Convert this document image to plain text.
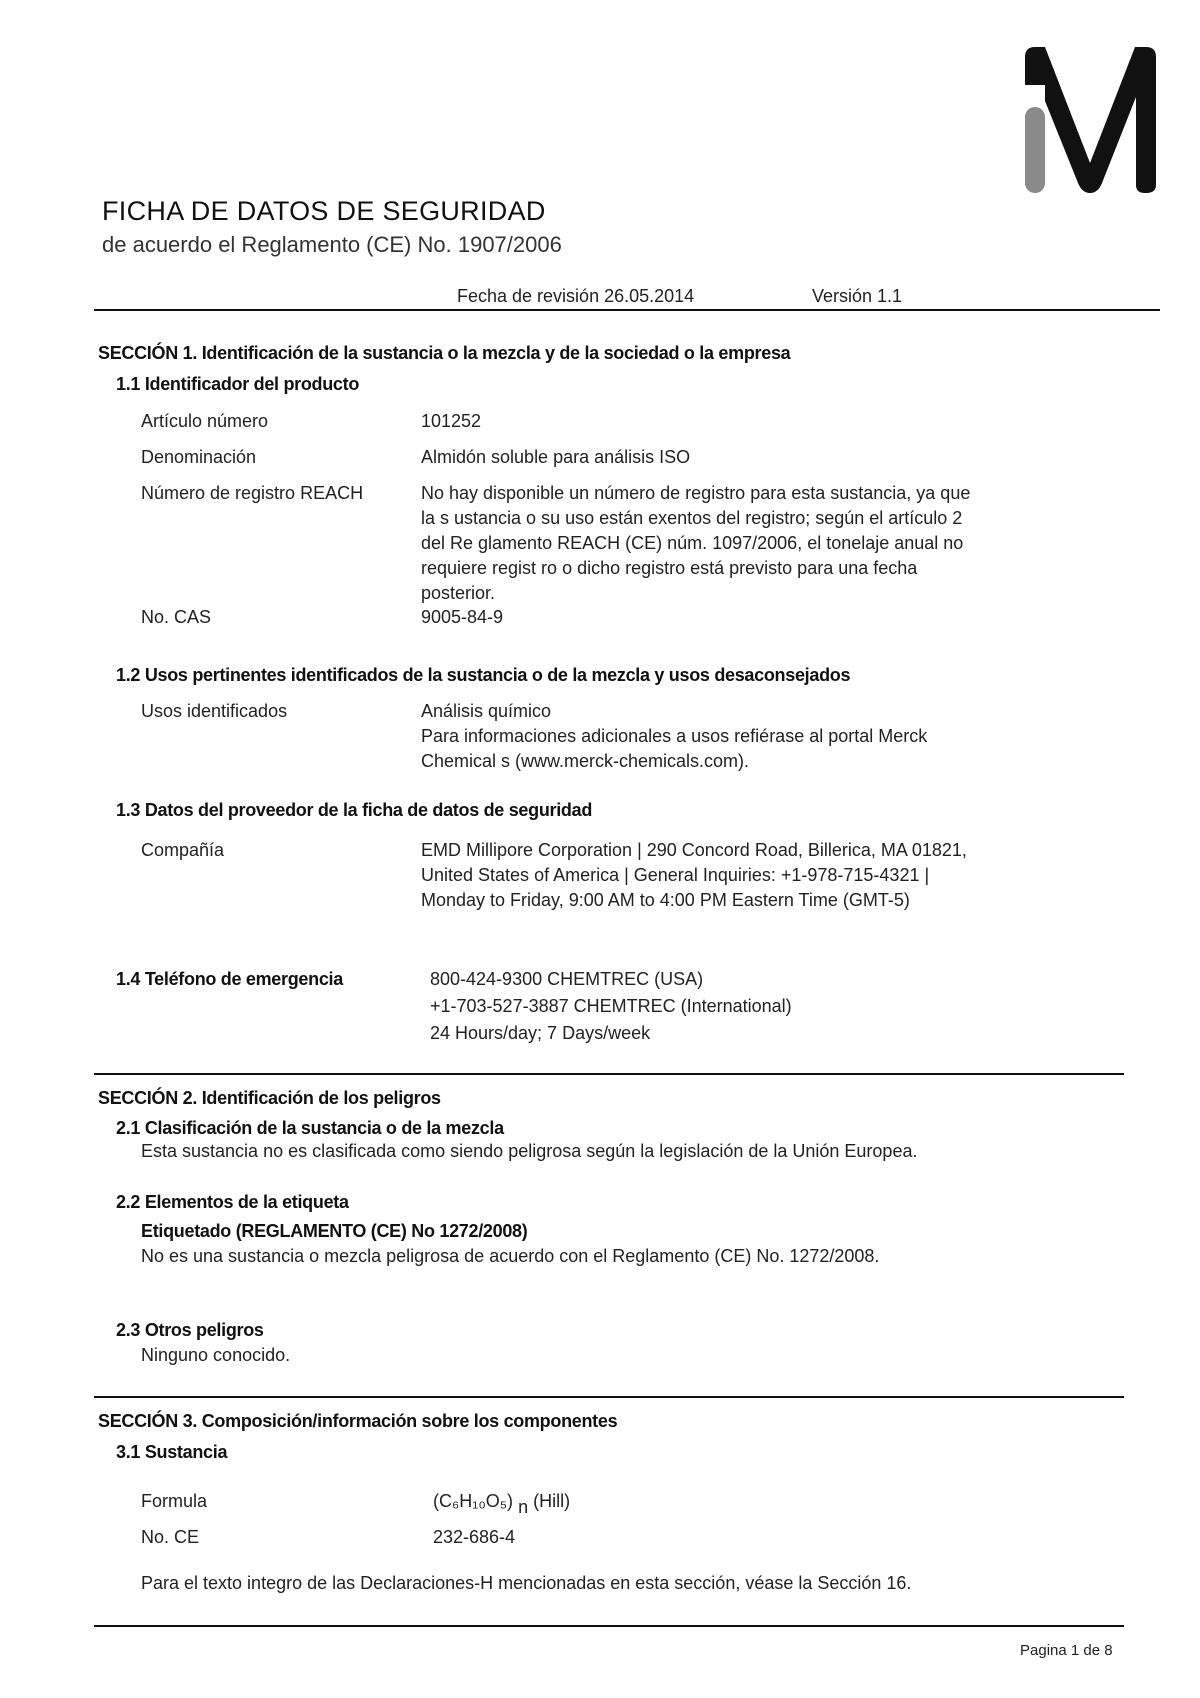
FICHA DE DATOS DE SEGURIDAD
de acuerdo el Reglamento (CE) No. 1907/2006
Fecha de revisión 26.05.2014	Versión 1.1
SECCIÓN 1. Identificación de la sustancia o la mezcla y de la sociedad o la empresa
1.1 Identificador del producto
Artículo número	101252
Denominación	Almidón soluble para análisis ISO
Número de registro REACH	No hay disponible un número de registro para esta sustancia, ya que
la s ustancia o su uso están exentos del registro; según el artículo 2
del Re glamento REACH (CE) núm. 1097/2006, el tonelaje anual no
requiere regist ro o dicho registro está previsto para una fecha
posterior.
No. CAS	9005-84-9
1.2 Usos pertinentes identificados de la sustancia o de la mezcla y usos desaconsejados
Usos identificados	Análisis químico
Para informaciones adicionales a usos refiérase al portal Merck
Chemical s (www.merck-chemicals.com).
1.3 Datos del proveedor de la ficha de datos de seguridad
Compañía	EMD Millipore Corporation | 290 Concord Road, Billerica, MA 01821,
United States of America | General Inquiries: +1-978-715-4321 |
Monday to Friday, 9:00 AM to 4:00 PM Eastern Time (GMT-5)
1.4 Teléfono de emergencia	800-424-9300 CHEMTREC (USA)
+1-703-527-3887 CHEMTREC (International)
24 Hours/day; 7 Days/week
SECCIÓN 2. Identificación de los peligros
2.1 Clasificación de la sustancia o de la mezcla
Esta sustancia no es clasificada como siendo peligrosa según la legislación de la Unión Europea.
2.2 Elementos de la etiqueta
Etiquetado (REGLAMENTO (CE) No 1272/2008)
No es una sustancia o mezcla peligrosa de acuerdo con el Reglamento (CE) No. 1272/2008.
2.3 Otros peligros
Ninguno conocido.
SECCIÓN 3. Composición/información sobre los componentes
3.1 Sustancia
Formula	(C₆H₁₀O₅) n (Hill)
No. CE	232-686-4
Para el texto integro de las Declaraciones-H mencionadas en esta sección, véase la Sección 16.
Pagina 1 de 8
